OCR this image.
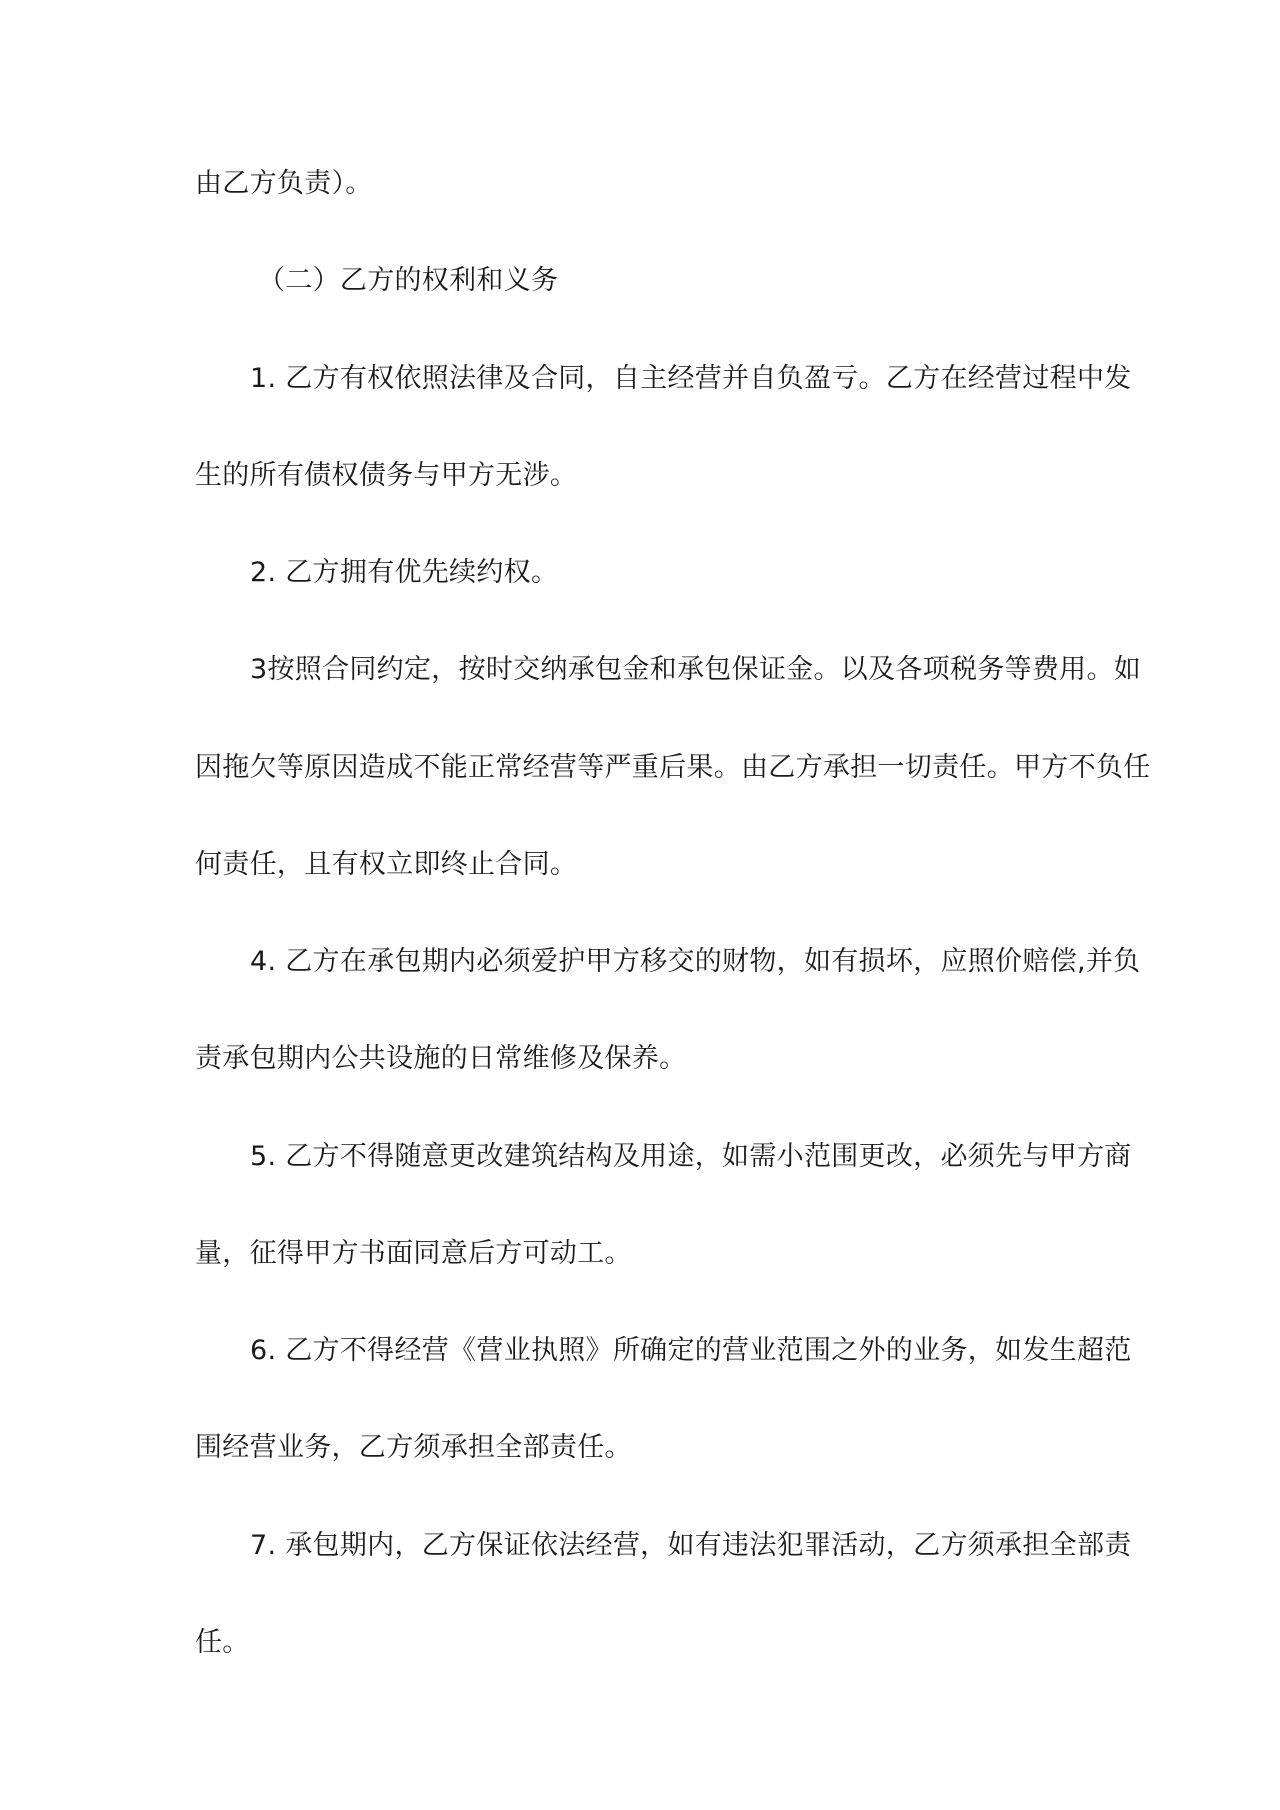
由乙方负责）。
（二）乙方的权利和义务
1. 乙方有权依照法律及合同，自主经营并自负盈亏。乙方在经营过程中发
生的所有债权债务与甲方无涉。
2. 乙方拥有优先续约权。
3按照合同约定，按时交纳承包金和承包保证金。以及各项税务等费用。如
因拖欠等原因造成不能正常经营等严重后果。由乙方承担一切责任。甲方不负任
何责任，且有权立即终止合同。
4. 乙方在承包期内必须爱护甲方移交的财物，如有损坏，应照价赔偿,并负
责承包期内公共设施的日常维修及保养。
5. 乙方不得随意更改建筑结构及用途，如需小范围更改，必须先与甲方商
量，征得甲方书面同意后方可动工。
6. 乙方不得经营《营业执照》所确定的营业范围之外的业务，如发生超范
围经营业务，乙方须承担全部责任。
7. 承包期内，乙方保证依法经营，如有违法犯罪活动，乙方须承担全部责
任。
